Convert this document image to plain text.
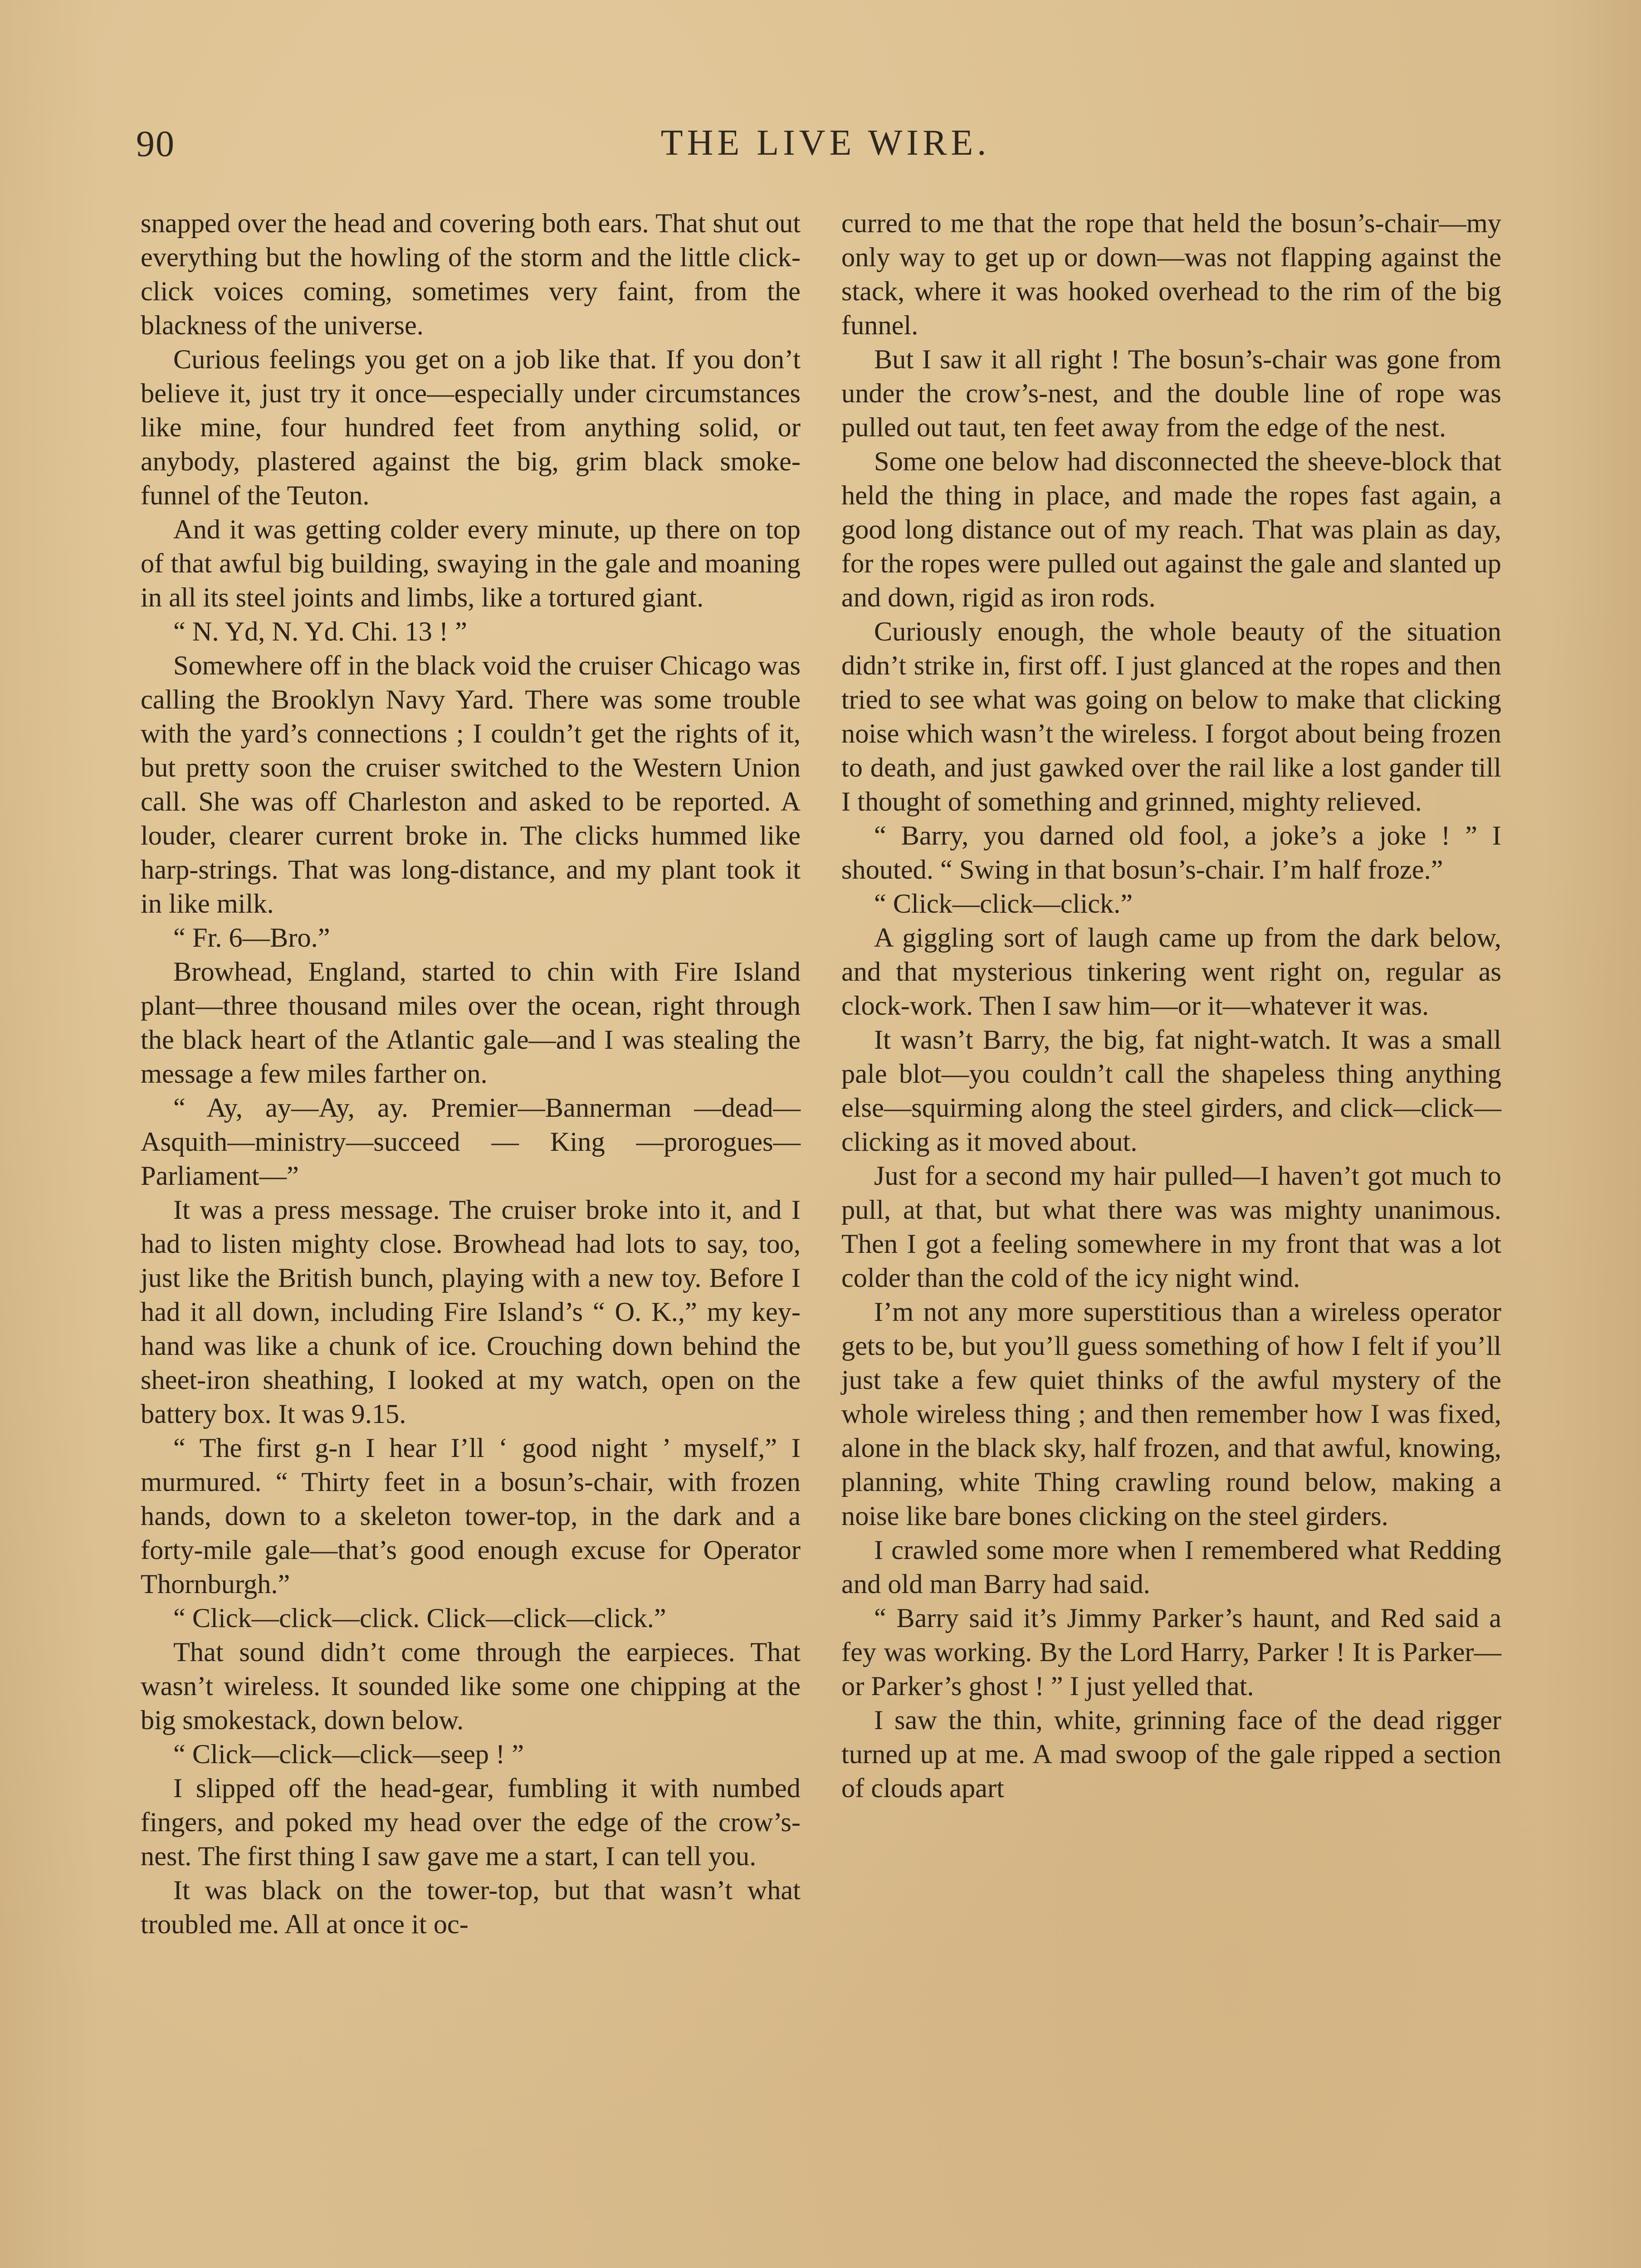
90	THE LIVE WIRE.

snapped over the head and covering both ears. That shut out everything but the howling of the storm and the little click-click voices coming, sometimes very faint, from the blackness of the universe.

Curious feelings you get on a job like that. If you don’t believe it, just try it once—especially under circumstances like mine, four hundred feet from anything solid, or anybody, plastered against the big, grim black smoke-funnel of the Teuton.

And it was getting colder every minute, up there on top of that awful big building, swaying in the gale and moaning in all its steel joints and limbs, like a tortured giant.

“ N. Yd, N. Yd. Chi. 13 ! ”

Somewhere off in the black void the cruiser Chicago was calling the Brooklyn Navy Yard. There was some trouble with the yard’s connections ; I couldn’t get the rights of it, but pretty soon the cruiser switched to the Western Union call. She was off Charleston and asked to be reported. A louder, clearer current broke in. The clicks hummed like harp-strings. That was long-distance, and my plant took it in like milk.

“ Fr. 6—Bro.”

Browhead, England, started to chin with Fire Island plant—three thousand miles over the ocean, right through the black heart of the Atlantic gale—and I was stealing the message a few miles farther on.

“ Ay, ay—Ay, ay. Premier—Bannerman —dead—Asquith—ministry—succeed — King —prorogues—Parliament—”

It was a press message. The cruiser broke into it, and I had to listen mighty close. Browhead had lots to say, too, just like the British bunch, playing with a new toy. Before I had it all down, including Fire Island’s “ O. K.,” my key-hand was like a chunk of ice. Crouching down behind the sheet-iron sheathing, I looked at my watch, open on the battery box. It was 9.15.

“ The first g-n I hear I’ll ‘ good night ’ myself,” I murmured. “ Thirty feet in a bosun’s-chair, with frozen hands, down to a skeleton tower-top, in the dark and a forty-mile gale—that’s good enough excuse for Operator Thornburgh.”

“ Click—click—click. Click—click—click.”

That sound didn’t come through the earpieces. That wasn’t wireless. It sounded like some one chipping at the big smokestack, down below.

“ Click—click—click—seep ! ”

I slipped off the head-gear, fumbling it with numbed fingers, and poked my head over the edge of the crow’s-nest. The first thing I saw gave me a start, I can tell you.

It was black on the tower-top, but that wasn’t what troubled me. All at once it oc-

curred to me that the rope that held the bosun’s-chair—my only way to get up or down—was not flapping against the stack, where it was hooked overhead to the rim of the big funnel.

But I saw it all right ! The bosun’s-chair was gone from under the crow’s-nest, and the double line of rope was pulled out taut, ten feet away from the edge of the nest.

Some one below had disconnected the sheeve-block that held the thing in place, and made the ropes fast again, a good long distance out of my reach. That was plain as day, for the ropes were pulled out against the gale and slanted up and down, rigid as iron rods.

Curiously enough, the whole beauty of the situation didn’t strike in, first off. I just glanced at the ropes and then tried to see what was going on below to make that clicking noise which wasn’t the wireless. I forgot about being frozen to death, and just gawked over the rail like a lost gander till I thought of something and grinned, mighty relieved.

“ Barry, you darned old fool, a joke’s a joke ! ” I shouted. “ Swing in that bosun’s-chair. I’m half froze.”

“ Click—click—click.”

A giggling sort of laugh came up from the dark below, and that mysterious tinkering went right on, regular as clock-work. Then I saw him—or it—whatever it was.

It wasn’t Barry, the big, fat night-watch. It was a small pale blot—you couldn’t call the shapeless thing anything else—squirming along the steel girders, and click—click— clicking as it moved about.

Just for a second my hair pulled—I haven’t got much to pull, at that, but what there was was mighty unanimous. Then I got a feeling somewhere in my front that was a lot colder than the cold of the icy night wind.

I’m not any more superstitious than a wireless operator gets to be, but you’ll guess something of how I felt if you’ll just take a few quiet thinks of the awful mystery of the whole wireless thing ; and then remember how I was fixed, alone in the black sky, half frozen, and that awful, knowing, planning, white Thing crawling round below, making a noise like bare bones clicking on the steel girders.

I crawled some more when I remembered what Redding and old man Barry had said.

“ Barry said it’s Jimmy Parker’s haunt, and Red said a fey was working. By the Lord Harry, Parker ! It is Parker—or Parker’s ghost ! ” I just yelled that.

I saw the thin, white, grinning face of the dead rigger turned up at me. A mad swoop of the gale ripped a section of clouds apart
